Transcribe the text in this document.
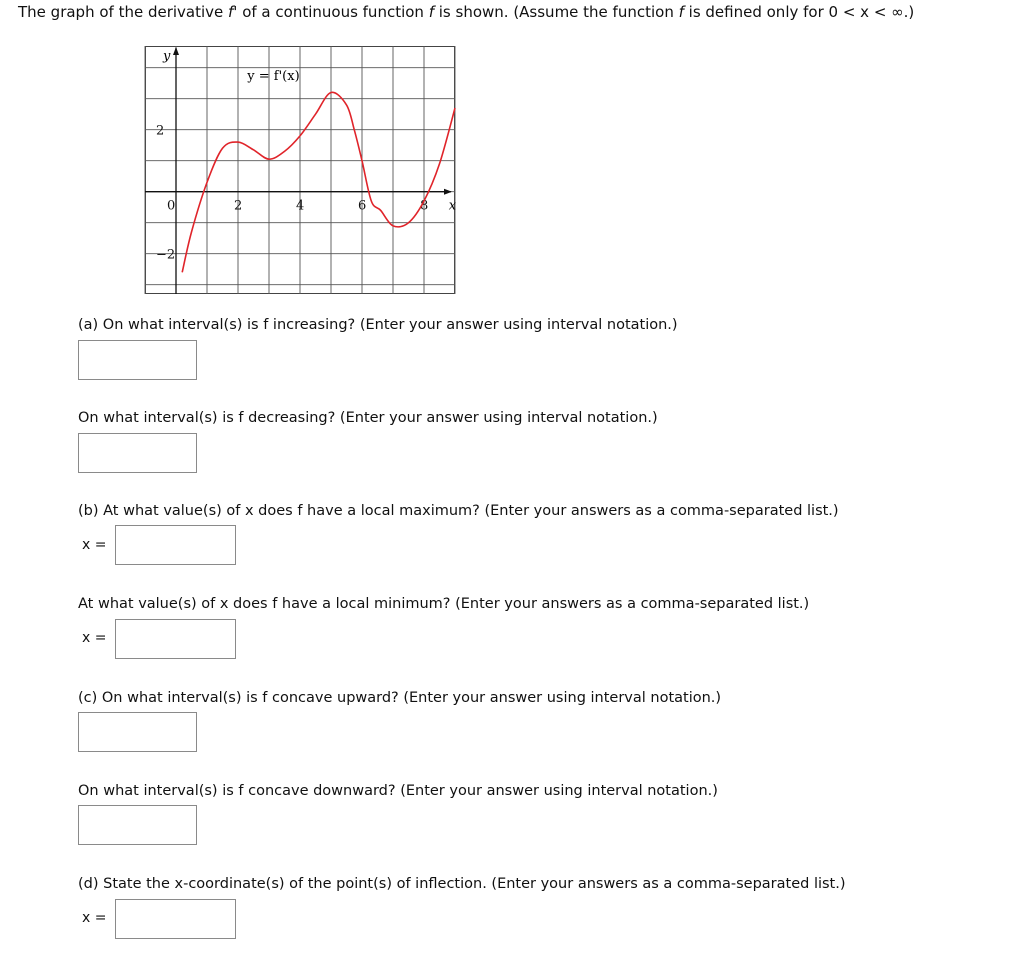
The graph of the derivative f' of a continuous function f is shown. (Assume the function f is defined only for 0 < x < ∞.)
0	2	4	6	8
2
−2
y = f'(x)
y
x
(a) On what interval(s) is f increasing? (Enter your answer using interval notation.)
On what interval(s) is f decreasing? (Enter your answer using interval notation.)
(b) At what value(s) of x does f have a local maximum? (Enter your answers as a comma-separated list.)
x =
At what value(s) of x does f have a local minimum? (Enter your answers as a comma-separated list.)
x =
(c) On what interval(s) is f concave upward? (Enter your answer using interval notation.)
On what interval(s) is f concave downward? (Enter your answer using interval notation.)
(d) State the x-coordinate(s) of the point(s) of inflection. (Enter your answers as a comma-separated list.)
x =
